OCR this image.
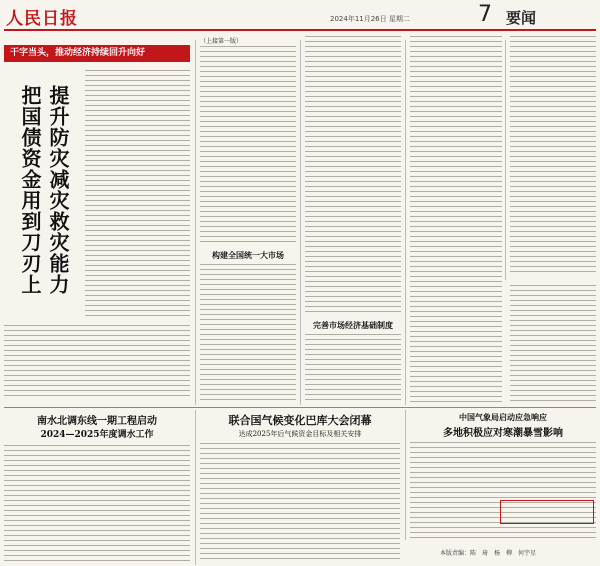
人民日报	2024年11月26日 星期二	7 要闻
干字当头，推动经济持续回升向好
提升防灾减灾救灾能力
把国债资金用到刀刃上
（上接第一版）
构建全国统一大市场
完善市场经济基础制度
南水北调东线一期工程启动
2024—2025年度调水工作
联合国气候变化巴库大会闭幕
达成2025年后气候资金目标及相关安排
中国气象局启动应急响应
多地积极应对寒潮暴雪影响
本版责编：陈　琦　杨　柳　何宇星
